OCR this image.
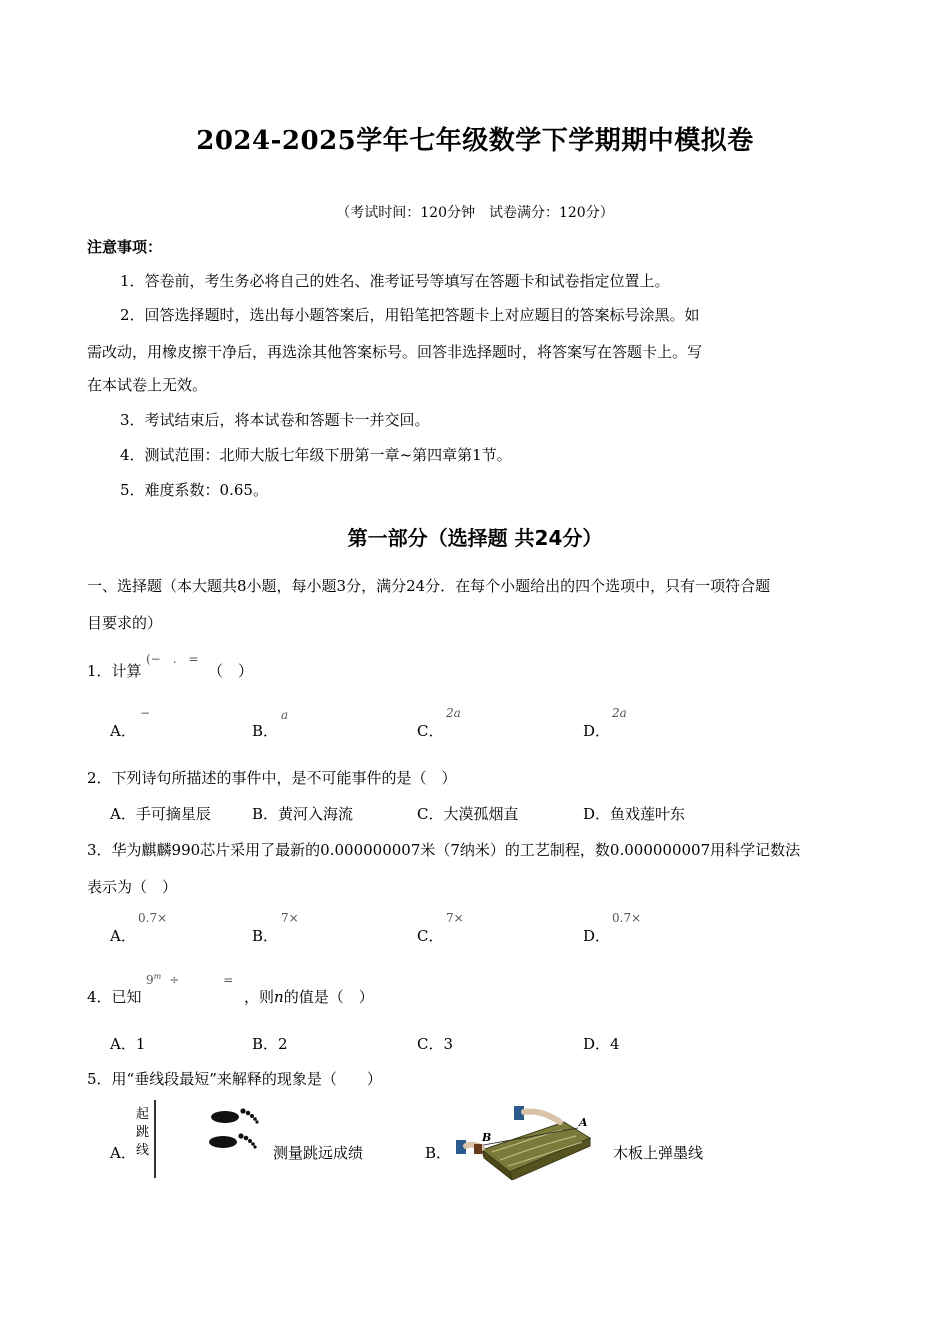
2024-2025学年七年级数学下学期期中模拟卷
（考试时间：120分钟　试卷满分：120分）
注意事项：
1．答卷前，考生务必将自己的姓名、准考证号等填写在答题卡和试卷指定位置上。
2．回答选择题时，选出每小题答案后，用铅笔把答题卡上对应题目的答案标号涂黑。如
需改动，用橡皮擦干净后，再选涂其他答案标号。回答非选择题时，将答案写在答题卡上。写
在本试卷上无效。
3．考试结束后，将本试卷和答题卡一并交回。
4．测试范围：北师大版七年级下册第一章~第四章第1节。
5．难度系数：0.65。
第一部分（选择题 共24分）
一、选择题（本大题共8小题，每小题3分，满分24分．在每个小题给出的四个选项中，只有一项符合题
目要求的）
1．计算
(−　.　=
（　）
A．
−
B．
a
C．
2a
D．
2a
2．下列诗句所描述的事件中，是不可能事件的是（　）
A．手可摘星辰	B．黄河入海流	C．大漠孤烟直	D．鱼戏莲叶东
3．华为麒麟990芯片采用了最新的0.000000007米（7纳米）的工艺制程，数0.000000007用科学记数法
表示为（　）
A．
0.7×
B．
7×
C．
7×
D．
0.7×
4．已知
$9^m$ ÷	=
，则n的值是（　）
A．1	B．2	C．3	D．4
5．用“垂线段最短”来解释的现象是（　　）
A．
起跳线	测量跳远成绩	B．
A
B
木板上弹墨线
